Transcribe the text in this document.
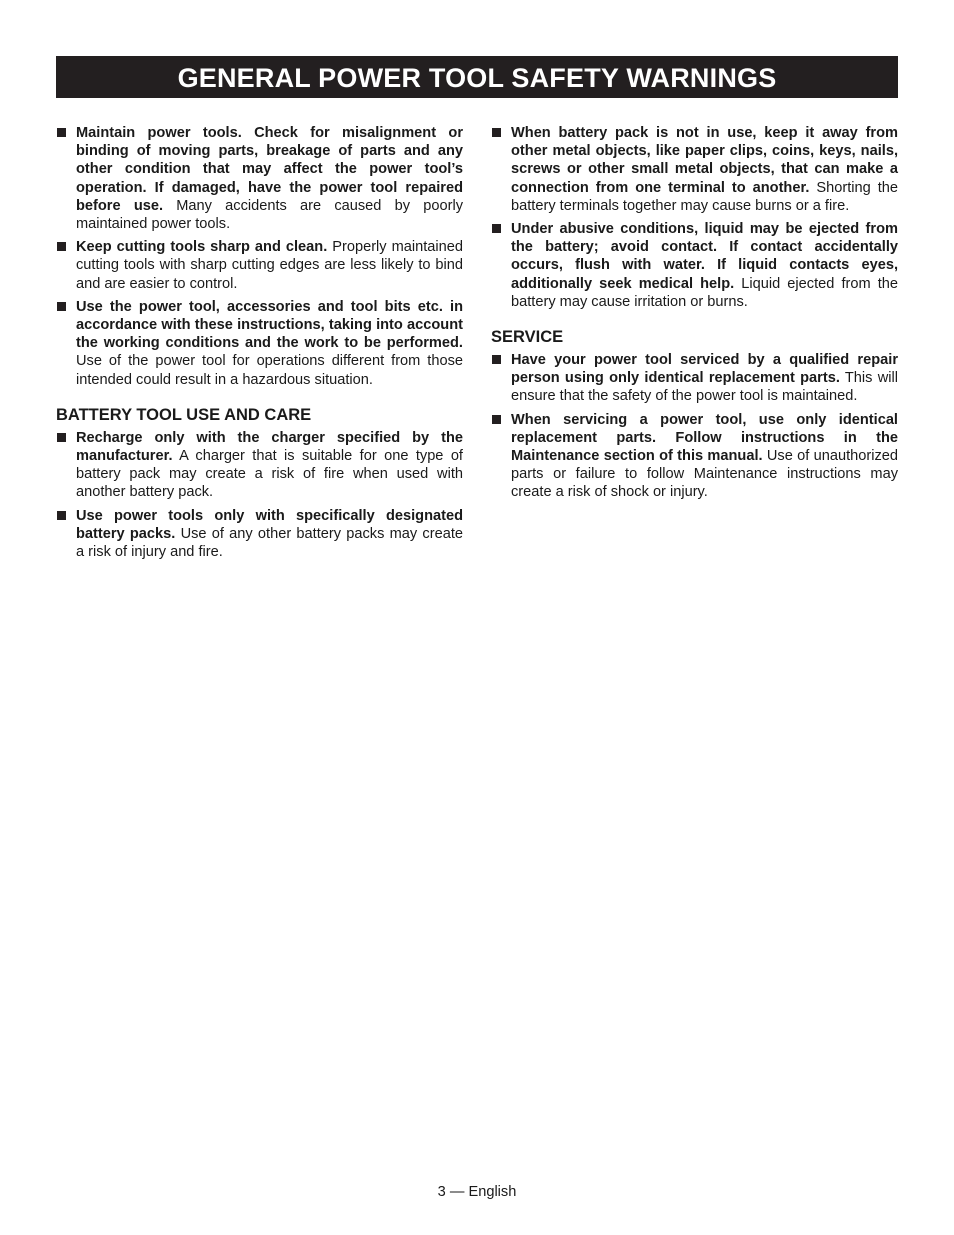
GENERAL POWER TOOL SAFETY WARNINGS
Maintain power tools. Check for misalignment or binding of moving parts, breakage of parts and any other condition that may affect the power tool’s operation. If damaged, have the power tool repaired before use. Many accidents are caused by poorly maintained power tools.
Keep cutting tools sharp and clean. Properly maintained cutting tools with sharp cutting edges are less likely to bind and are easier to control.
Use the power tool, accessories and tool bits etc. in accordance with these instructions, taking into account the working conditions and the work to be performed. Use of the power tool for operations different from those intended could result in a hazardous situation.
BATTERY TOOL USE AND CARE
Recharge only with the charger specified by the manufacturer. A charger that is suitable for one type of battery pack may create a risk of fire when used with another battery pack.
Use power tools only with specifically designated battery packs. Use of any other battery packs may create a risk of injury and fire.
When battery pack is not in use, keep it away from other metal objects, like paper clips, coins, keys, nails, screws or other small metal objects, that can make a connection from one terminal to another. Shorting the battery terminals together may cause burns or a fire.
Under abusive conditions, liquid may be ejected from the battery; avoid contact. If contact accidentally occurs, flush with water. If liquid contacts eyes, additionally seek medical help. Liquid ejected from the battery may cause irritation or burns.
SERVICE
Have your power tool serviced by a qualified repair person using only identical replacement parts. This will ensure that the safety of the power tool is maintained.
When servicing a power tool, use only identical replacement parts. Follow instructions in the Maintenance section of this manual. Use of unauthorized parts or failure to follow Maintenance instructions may create a risk of shock or injury.
3 — English
